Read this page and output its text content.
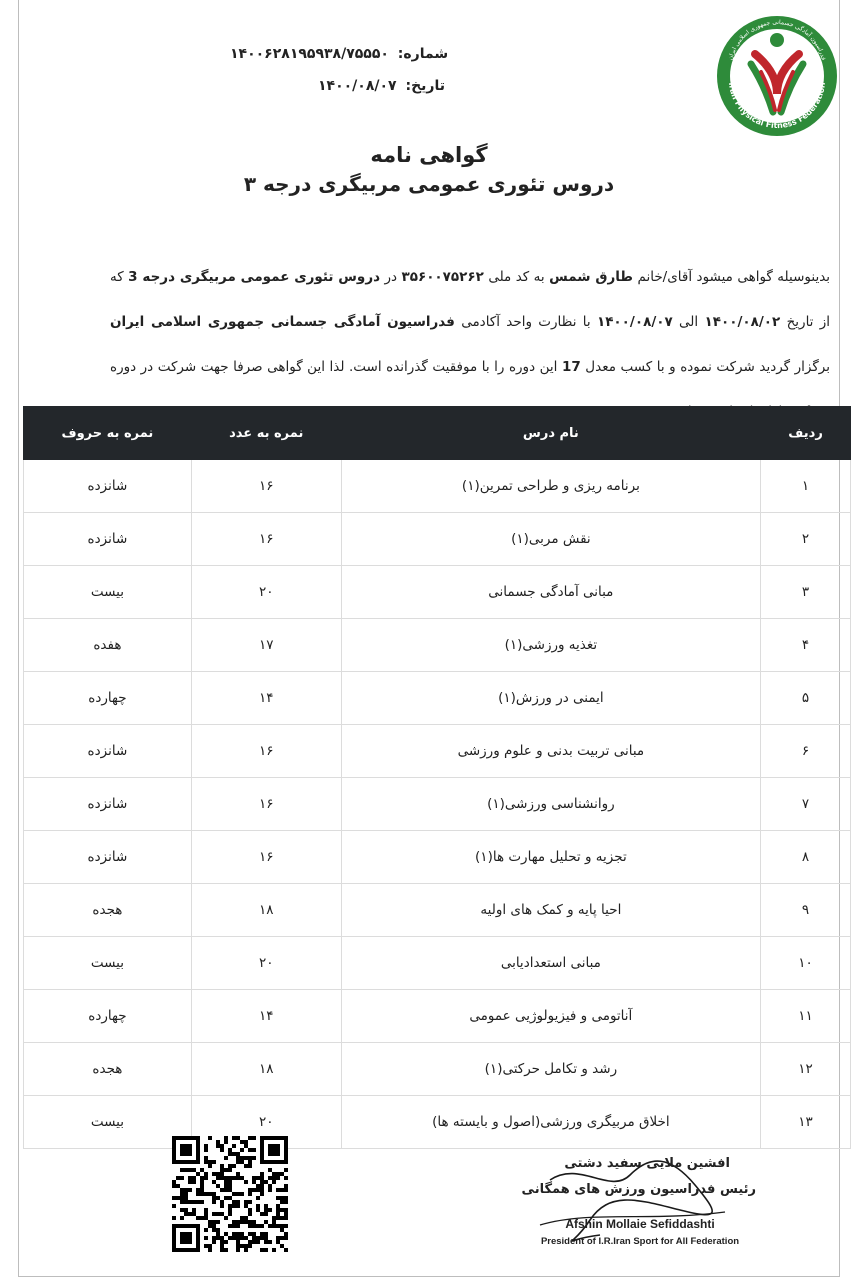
Iran Physical Fitness Federation
فدراسیون آمادگی جسمانی جمهوری اسلامی ایران
شماره: ۱۴۰۰۶۲۸۱۹۵۹۳۸/۷۵۵۵۰
تاریخ: ۱۴۰۰/۰۸/۰۷
گواهی نامه
دروس تئوری عمومی مربیگری درجه ۳
بدینوسیله گواهی میشود آقای/خانم طارق شمس به کد ملی ۳۵۶۰۰۷۵۲۶۲ در دروس تئوری عمومی مربیگری درجه 3 که از تاریخ ۱۴۰۰/۰۸/۰۲ الی ۱۴۰۰/۰۸/۰۷ با نظارت واحد آکادمی فدراسیون آمادگی جسمانی جمهوری اسلامی ایران برگزار گردید شرکت نموده و با کسب معدل 17 این دوره را با موفقیت گذرانده است. لذا این گواهی صرفا جهت شرکت در دوره
ردیف	نام درس	نمره به عدد	نمره به حروف
۱	برنامه ریزی و طراحی تمرین(۱)	۱۶	شانزده
۲	نقش مربی(۱)	۱۶	شانزده
۳	مبانی آمادگی جسمانی	۲۰	بیست
۴	تغذیه ورزشی(۱)	۱۷	هفده
۵	ایمنی در ورزش(۱)	۱۴	چهارده
۶	مبانی تربیت بدنی و علوم ورزشی	۱۶	شانزده
۷	روانشناسی ورزشی(۱)	۱۶	شانزده
۸	تجزیه و تحلیل مهارت ها(۱)	۱۶	شانزده
۹	احیا پایه و کمک های اولیه	۱۸	هجده
۱۰	مبانی استعدادیابی	۲۰	بیست
۱۱	آناتومی و فیزیولوژیی عمومی	۱۴	چهارده
۱۲	رشد و تکامل حرکتی(۱)	۱۸	هجده
۱۳	اخلاق مربیگری ورزشی(اصول و بایسته ها)	۲۰	بیست
افشین ملایی سفید دشتی
رئیس فدراسیون ورزش های همگانی
Afshin Mollaie Sefiddashti
President of I.R.Iran Sport for All Federation
